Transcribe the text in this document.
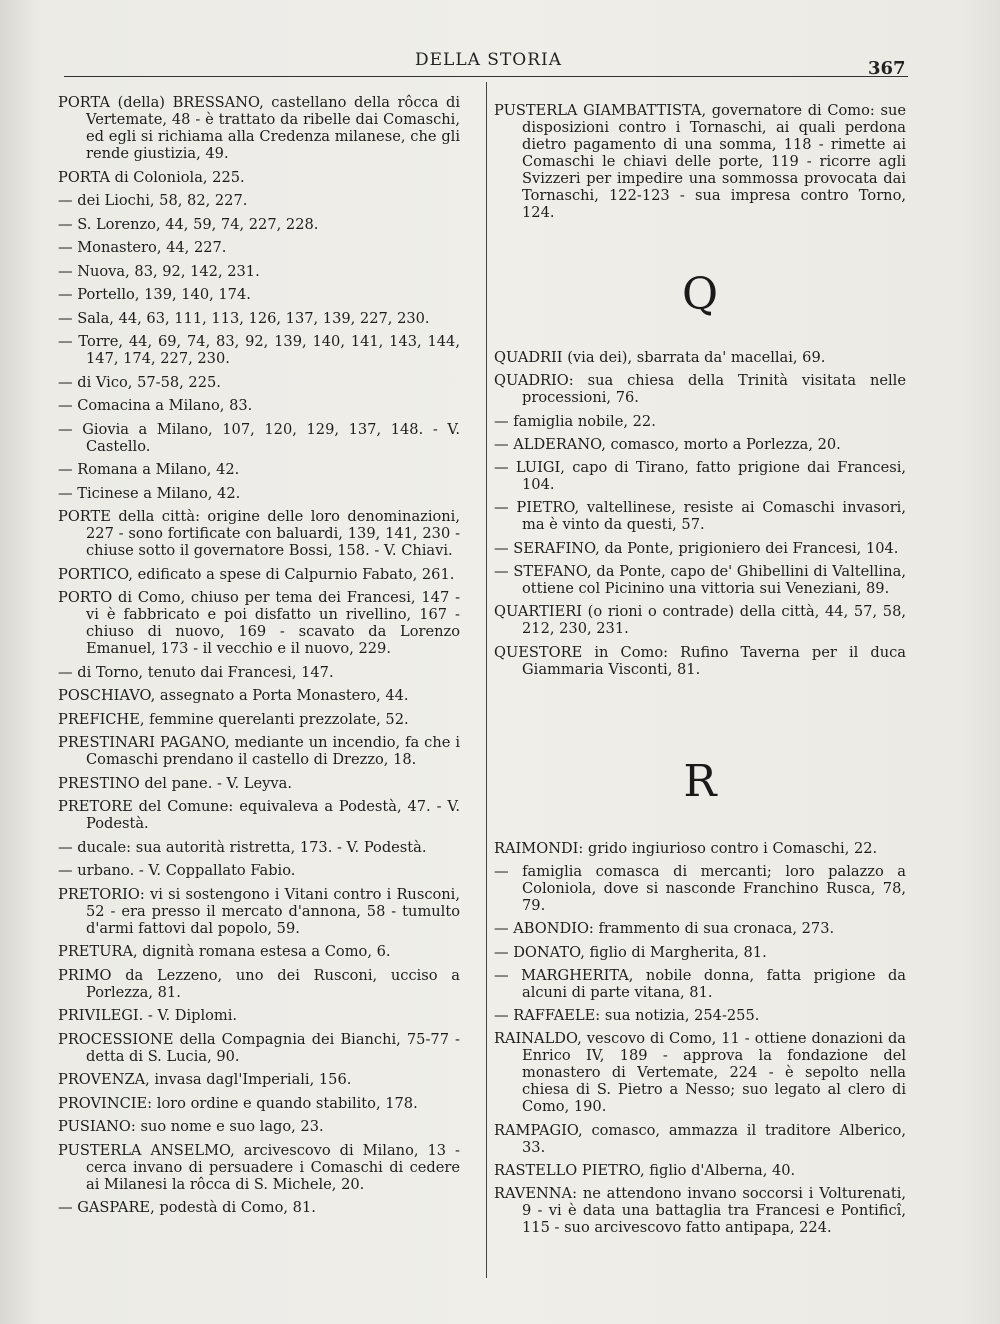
DELLA STORIA	367

PORTA (della) BRESSANO, castellano della rôcca di Vertemate, 48 - è trattato da ribelle dai Comaschi, ed egli si richiama alla Credenza milanese, che gli rende giustizia, 49.

PORTA di Coloniola, 225.

— dei Liochi, 58, 82, 227.

— S. Lorenzo, 44, 59, 74, 227, 228.

— Monastero, 44, 227.

— Nuova, 83, 92, 142, 231.

— Portello, 139, 140, 174.

— Sala, 44, 63, 111, 113, 126, 137, 139, 227, 230.

— Torre, 44, 69, 74, 83, 92, 139, 140, 141, 143, 144, 147, 174, 227, 230.

— di Vico, 57-58, 225.

— Comacina a Milano, 83.

— Giovia a Milano, 107, 120, 129, 137, 148. - V. Castello.

— Romana a Milano, 42.

— Ticinese a Milano, 42.

PORTE della città: origine delle loro denominazioni, 227 - sono fortificate con baluardi, 139, 141, 230 - chiuse sotto il governatore Bossi, 158. - V. Chiavi.

PORTICO, edificato a spese di Calpurnio Fabato, 261.

PORTO di Como, chiuso per tema dei Francesi, 147 - vi è fabbricato e poi disfatto un rivellino, 167 - chiuso di nuovo, 169 - scavato da Lorenzo Emanuel, 173 - il vecchio e il nuovo, 229.

— di Torno, tenuto dai Francesi, 147.

POSCHIAVO, assegnato a Porta Monastero, 44.

PREFICHE, femmine querelanti prezzolate, 52.

PRESTINARI PAGANO, mediante un incendio, fa che i Comaschi prendano il castello di Drezzo, 18.

PRESTINO del pane. - V. Leyva.

PRETORE del Comune: equivaleva a Podestà, 47. - V. Podestà.

— ducale: sua autorità ristretta, 173. - V. Podestà.

— urbano. - V. Coppallato Fabio.

PRETORIO: vi si sostengono i Vitani contro i Rusconi, 52 - era presso il mercato d'annona, 58 - tumulto d'armi fattovi dal popolo, 59.

PRETURA, dignità romana estesa a Como, 6.

PRIMO da Lezzeno, uno dei Rusconi, ucciso a Porlezza, 81.

PRIVILEGI. - V. Diplomi.

PROCESSIONE della Compagnia dei Bianchi, 75-77 - detta di S. Lucia, 90.

PROVENZA, invasa dagl'Imperiali, 156.

PROVINCIE: loro ordine e quando stabilito, 178.

PUSIANO: suo nome e suo lago, 23.

PUSTERLA ANSELMO, arcivescovo di Milano, 13 - cerca invano di persuadere i Comaschi di cedere ai Milanesi la rôcca di S. Michele, 20.

— GASPARE, podestà di Como, 81.

PUSTERLA GIAMBATTISTA, governatore di Como: sue disposizioni contro i Tornaschi, ai quali perdona dietro pagamento di una somma, 118 - rimette ai Comaschi le chiavi delle porte, 119 - ricorre agli Svizzeri per impedire una sommossa provocata dai Tornaschi, 122-123 - sua impresa contro Torno, 124.

Q

QUADRII (via dei), sbarrata da' macellai, 69.

QUADRIO: sua chiesa della Trinità visitata nelle processioni, 76.

— famiglia nobile, 22.

— ALDERANO, comasco, morto a Porlezza, 20.

— LUIGI, capo di Tirano, fatto prigione dai Francesi, 104.

— PIETRO, valtellinese, resiste ai Comaschi invasori, ma è vinto da questi, 57.

— SERAFINO, da Ponte, prigioniero dei Francesi, 104.

— STEFANO, da Ponte, capo de' Ghibellini di Valtellina, ottiene col Picinino una vittoria sui Veneziani, 89.

QUARTIERI (o rioni o contrade) della città, 44, 57, 58, 212, 230, 231.

QUESTORE in Como: Rufino Taverna per il duca Giammaria Visconti, 81.

R

RAIMONDI: grido ingiurioso contro i Comaschi, 22.

— famiglia comasca di mercanti; loro palazzo a Coloniola, dove si nasconde Franchino Rusca, 78, 79.

— ABONDIO: frammento di sua cronaca, 273.

— DONATO, figlio di Margherita, 81.

— MARGHERITA, nobile donna, fatta prigione da alcuni di parte vitana, 81.

— RAFFAELE: sua notizia, 254-255.

RAINALDO, vescovo di Como, 11 - ottiene donazioni da Enrico IV, 189 - approva la fondazione del monastero di Vertemate, 224 - è sepolto nella chiesa di S. Pietro a Nesso; suo legato al clero di Como, 190.

RAMPAGIO, comasco, ammazza il traditore Alberico, 33.

RASTELLO PIETRO, figlio d'Alberna, 40.

RAVENNA: ne attendono invano soccorsi i Volturenati, 9 - vi è data una battaglia tra Francesi e Pontificî, 115 - suo arcivescovo fatto antipapa, 224.
